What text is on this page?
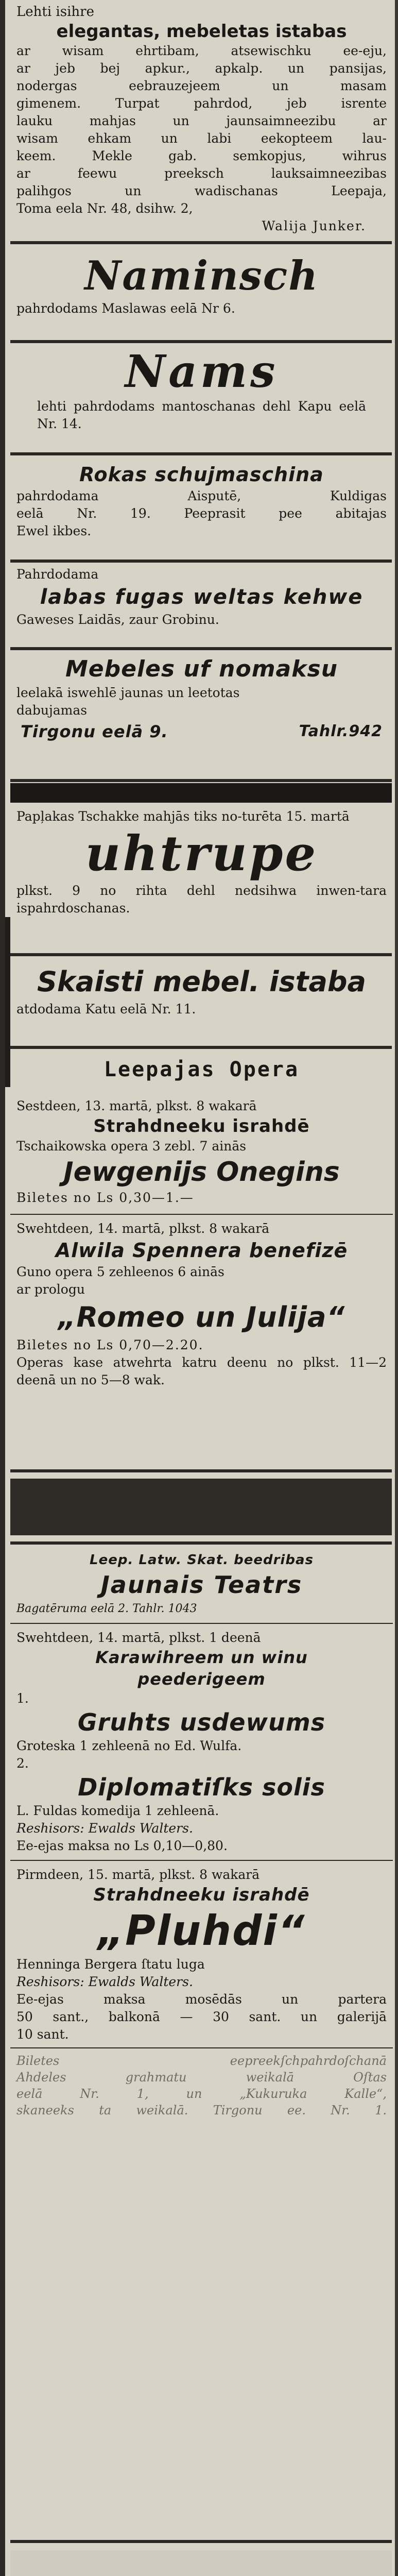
Lehti isihre
elegantas, mebeletas istabas
ar wisam ehrtibam, atsewischku ee-eju,
ar jeb bej apkur., apkalp. un pansijas,
nodergas eebrauzejeem un masam
gimenem. Turpat pahrdod, jeb isrente
lauku mahjas un jaunsaimneezibu ar
wisam ehkam un labi eekopteem lau-
keem. Mekle gab. semkopjus, wihrus
ar feewu preeksch lauksaimneezibas
palihgos un wadischanas Leepaja,
Toma eela Nr. 48, dsihw. 2,
Walija Junker.
Naminsch
pahrdodams Maslawas eelā Nr 6.
Nams
lehti pahrdodams mantoschanas dehl Kapu eelā Nr. 14.
Rokas schujmaschina
pahrdodama Aisputē, Kuldigas
eelā Nr. 19. Peeprasit pee abitajas
Ewel ikbes.
Pahrdodama
labas fugas weltas kehwe
Gaweses Laidās, zaur Grobinu.
Mebeles uf nomaksu
leelakā iswehlē jaunas un leetotas
dabujamas
Tirgonu eelā 9.	Tahlr.942
Papļakas Tschakke mahjās tiks no-turēta 15. martā
uhtrupe
plkst. 9 no rihta dehl nedsihwa inwen-tara ispahrdoschanas.
Skaisti mebel. istaba
atdodama Katu eelā Nr. 11.
Leepajas Opera
Sestdeen, 13. martā, plkst. 8 wakarā
Strahdneeku israhdē
Tschaikowska opera 3 zebl. 7 ainās
Jewgenijs Onegins
Biletes no Ls 0,30—1.—
Swehtdeen, 14. martā, plkst. 8 wakarā
Alwila Spennera benefizē
Guno opera 5 zehleenos 6 ainās
ar prologu
„Romeo un Julija“
Biletes no Ls 0,70—2.20.
Operas kase atwehrta katru deenu no plkst. 11—2 deenā un no 5—8 wak.
Leep. Latw. Skat. beedribas
Jaunais Teatrs
Bagatēruma eelā 2. Tahlr. 1043
Swehtdeen, 14. martā, plkst. 1 deenā
Karawihreem un winu
peederigeem
1.
Gruhts usdewums
Groteska 1 zehleenā no Ed. Wulfa.
2.
Diplomatiſks solis
L. Fuldas komedija 1 zehleenā.
Reshisors: Ewalds Walters.
Ee-ejas maksa no Ls 0,10—0,80.
Pirmdeen, 15. martā, plkst. 8 wakarā
Strahdneeku israhdē
„Pluhdi“
Henninga Bergera ſtatu luga
Reshisors: Ewalds Walters.
Ee-ejas maksa mosēdās un partera
50 sant., balkonā — 30 sant. un galerijā
10 sant.
Biletes eepreekſchpahrdoſchanā
Ahdeles grahmatu weikalā Oſtas
eelā Nr. 1, un „Kukuruka Kalle“,
skaneeks ta weikalā. Tirgonu ee. Nr. 1.
